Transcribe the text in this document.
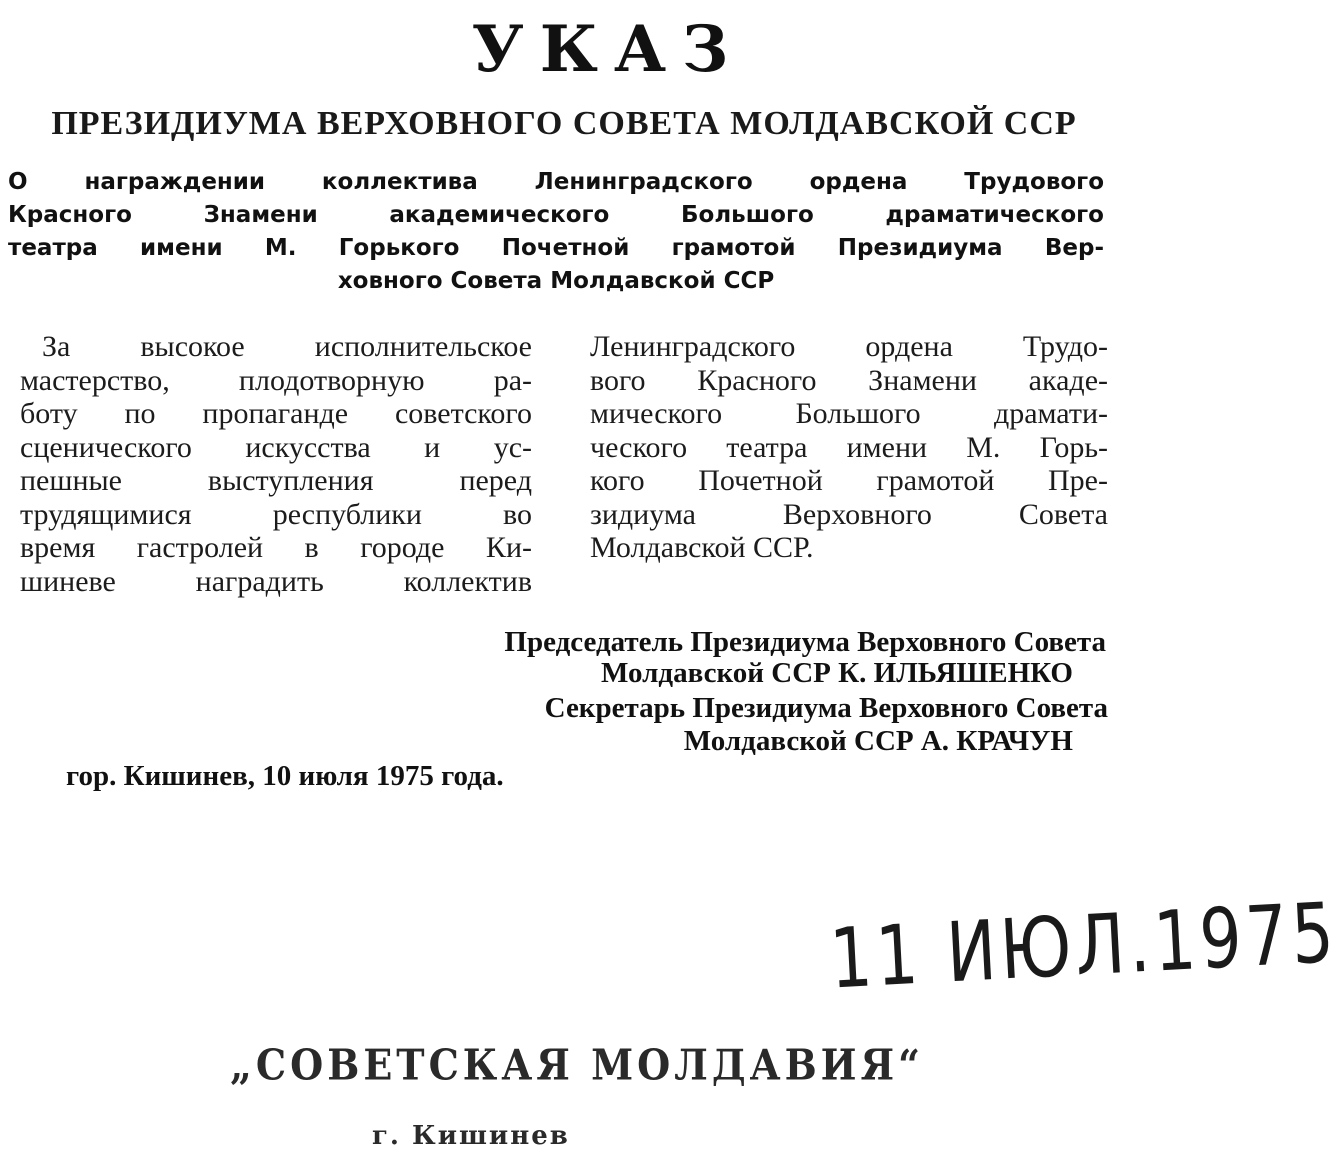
УКАЗ
ПРЕЗИДИУМА ВЕРХОВНОГО СОВЕТА МОЛДАВСКОЙ ССР
О награждении коллектива Ленинградского ордена Трудового
Красного Знамени академического Большого драматического
театра имени М. Горького Почетной грамотой Президиума Вер-
ховного Совета Молдавской ССР
За высокое исполнительское
мастерство, плодотворную ра-
боту по пропаганде советского
сценического искусства и ус-
пешные выступления перед
трудящимися республики во
время гастролей в городе Ки-
шиневе наградить коллектив
Ленинградского ордена Трудо-
вого Красного Знамени акаде-
мического Большого драмати-
ческого театра имени М. Горь-
кого Почетной грамотой Пре-
зидиума Верховного Совета
Молдавской ССР.
Председатель Президиума Верховного Совета
Молдавской ССР К. ИЛЬЯШЕНКО
Секретарь Президиума Верховного Совета
Молдавской ССР А. КРАЧУН
гор. Кишинев, 10 июля 1975 года.
11 ИЮЛ.1975
„СОВЕТСКАЯ МОЛДАВИЯ“
г. Кишинев
